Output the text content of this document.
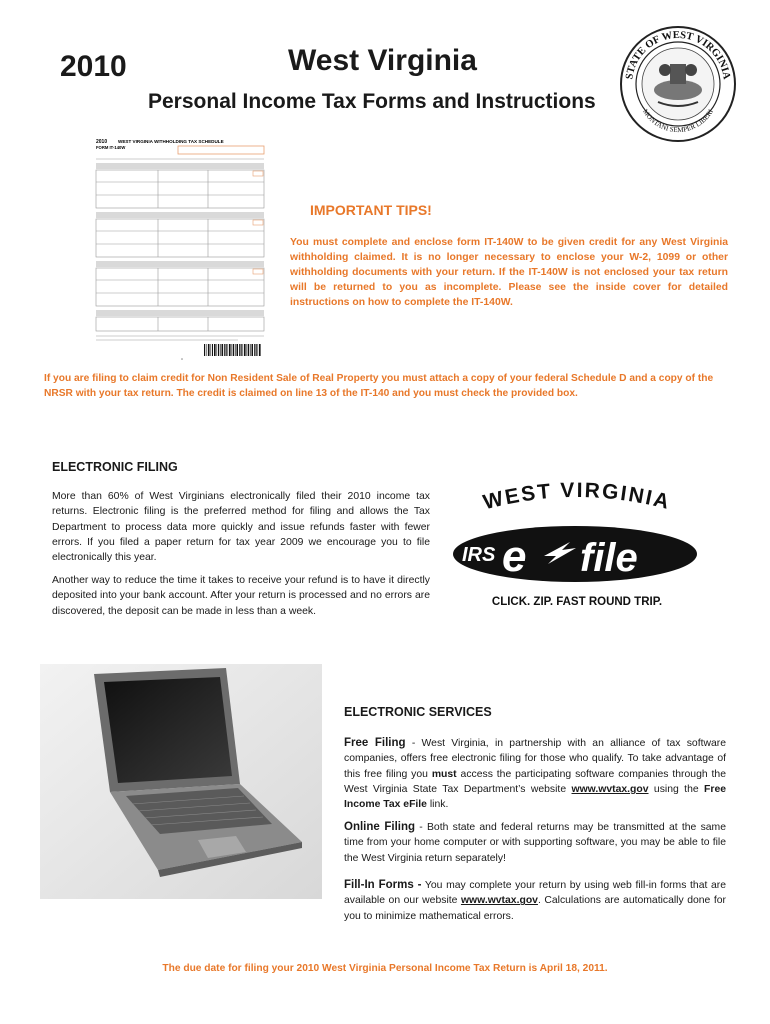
2010	West Virginia
Personal Income Tax Forms and Instructions
STATE OF WEST VIRGINIA
MONTANI SEMPER LIBERI
2010 WEST VIRGINIA WITHHOLDING TAX SCHEDULE
FORM IT-140W
IMPORTANT TIPS!
You must complete and enclose form IT-140W to be given credit for any West Virginia withholding claimed. It is no longer necessary to enclose your W-2, 1099 or other withholding documents with your return. If the IT-140W is not enclosed your tax return will be returned to you as incomplete. Please see the inside cover for detailed instructions on how to complete the IT-140W.
If you are filing to claim credit for Non Resident Sale of Real Property you must attach a copy of your federal Schedule D and a copy of the NRSR with your tax return. The credit is claimed on line 13 of the IT-140 and you must check the provided box.
ELECTRONIC FILING
More than 60% of West Virginians electronically filed their 2010 income tax returns. Electronic filing is the preferred method for filing and allows the Tax Department to process data more quickly and issue refunds faster with fewer errors. If you filed a paper return for tax year 2009 we encourage you to file electronically this year.
Another way to reduce the time it takes to receive your refund is to have it directly deposited into your bank account. After your return is processed and no errors are discovered, the deposit can be made in less than a week.
WEST VIRGINIA
IRS e file
CLICK. ZIP. FAST ROUND TRIP.
ELECTRONIC SERVICES
Free Filing - West Virginia, in partnership with an alliance of tax software companies, offers free electronic filing for those who qualify. To take advantage of this free filing you must access the participating software companies through the West Virginia State Tax Department’s website www.wvtax.gov using the Free Income Tax eFile link.
Online Filing - Both state and federal returns may be transmitted at the same time from your home computer or with supporting software, you may be able to file the West Virginia return separately!
Fill-In Forms - You may complete your return by using web fill-in forms that are available on our website www.wvtax.gov. Calculations are automatically done for you to minimize mathematical errors.
The due date for filing your 2010 West Virginia Personal Income Tax Return is April 18, 2011.
